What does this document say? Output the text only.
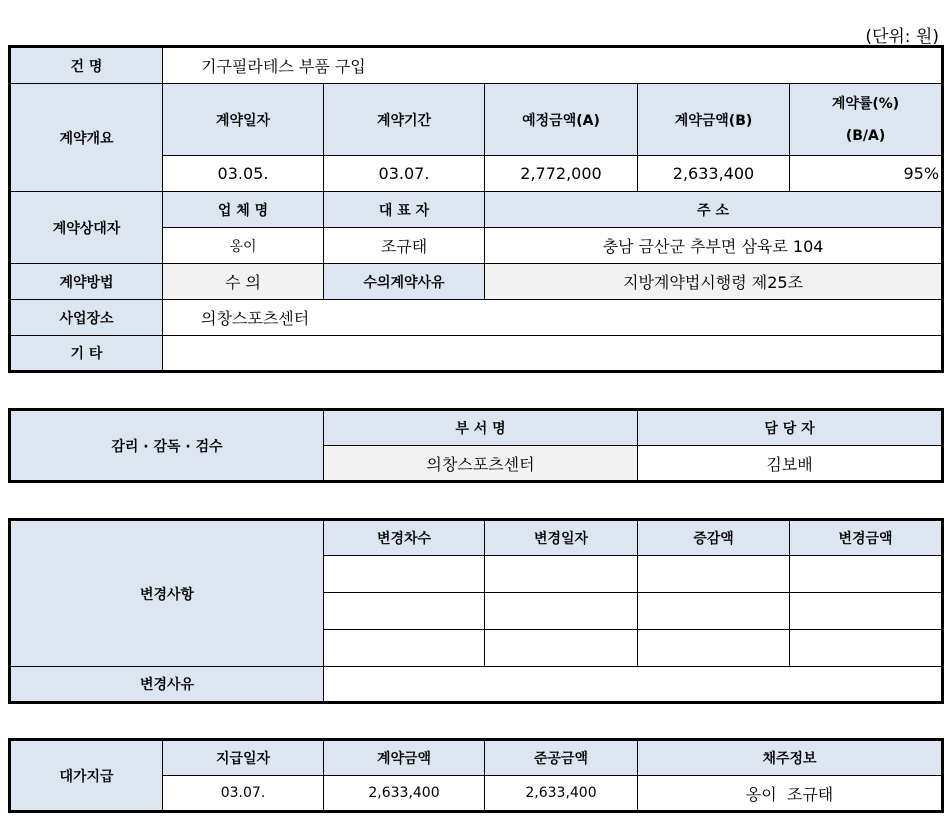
(단위: 원)
건 명	기구필라테스 부품 구입				
계약개요	계약일자	계약기간	예정금액(A)	계약금액(B)	계약률(%)
(B/A)

	03.05.	03.07.	2,772,000	2,633,400	95%
계약상대자	업 체 명	대 표 자	주 소		
	옹이	조규태	충남 금산군 추부면 삼육로 104		
계약방법	수 의	수의계약사유	지방계약법시행령 제25조		
사업장소	의창스포츠센터				
기 타					
감리 · 감독 · 검수	부 서 명	담 당 자
	의창스포츠센터	김보배
변경사항	변경차수	변경일자	증감액	변경금액

변경사유				
대가지급	지급일자	계약금액	준공금액	채주정보
	03.07.	2,633,400	2,633,400	옹이  조규태
